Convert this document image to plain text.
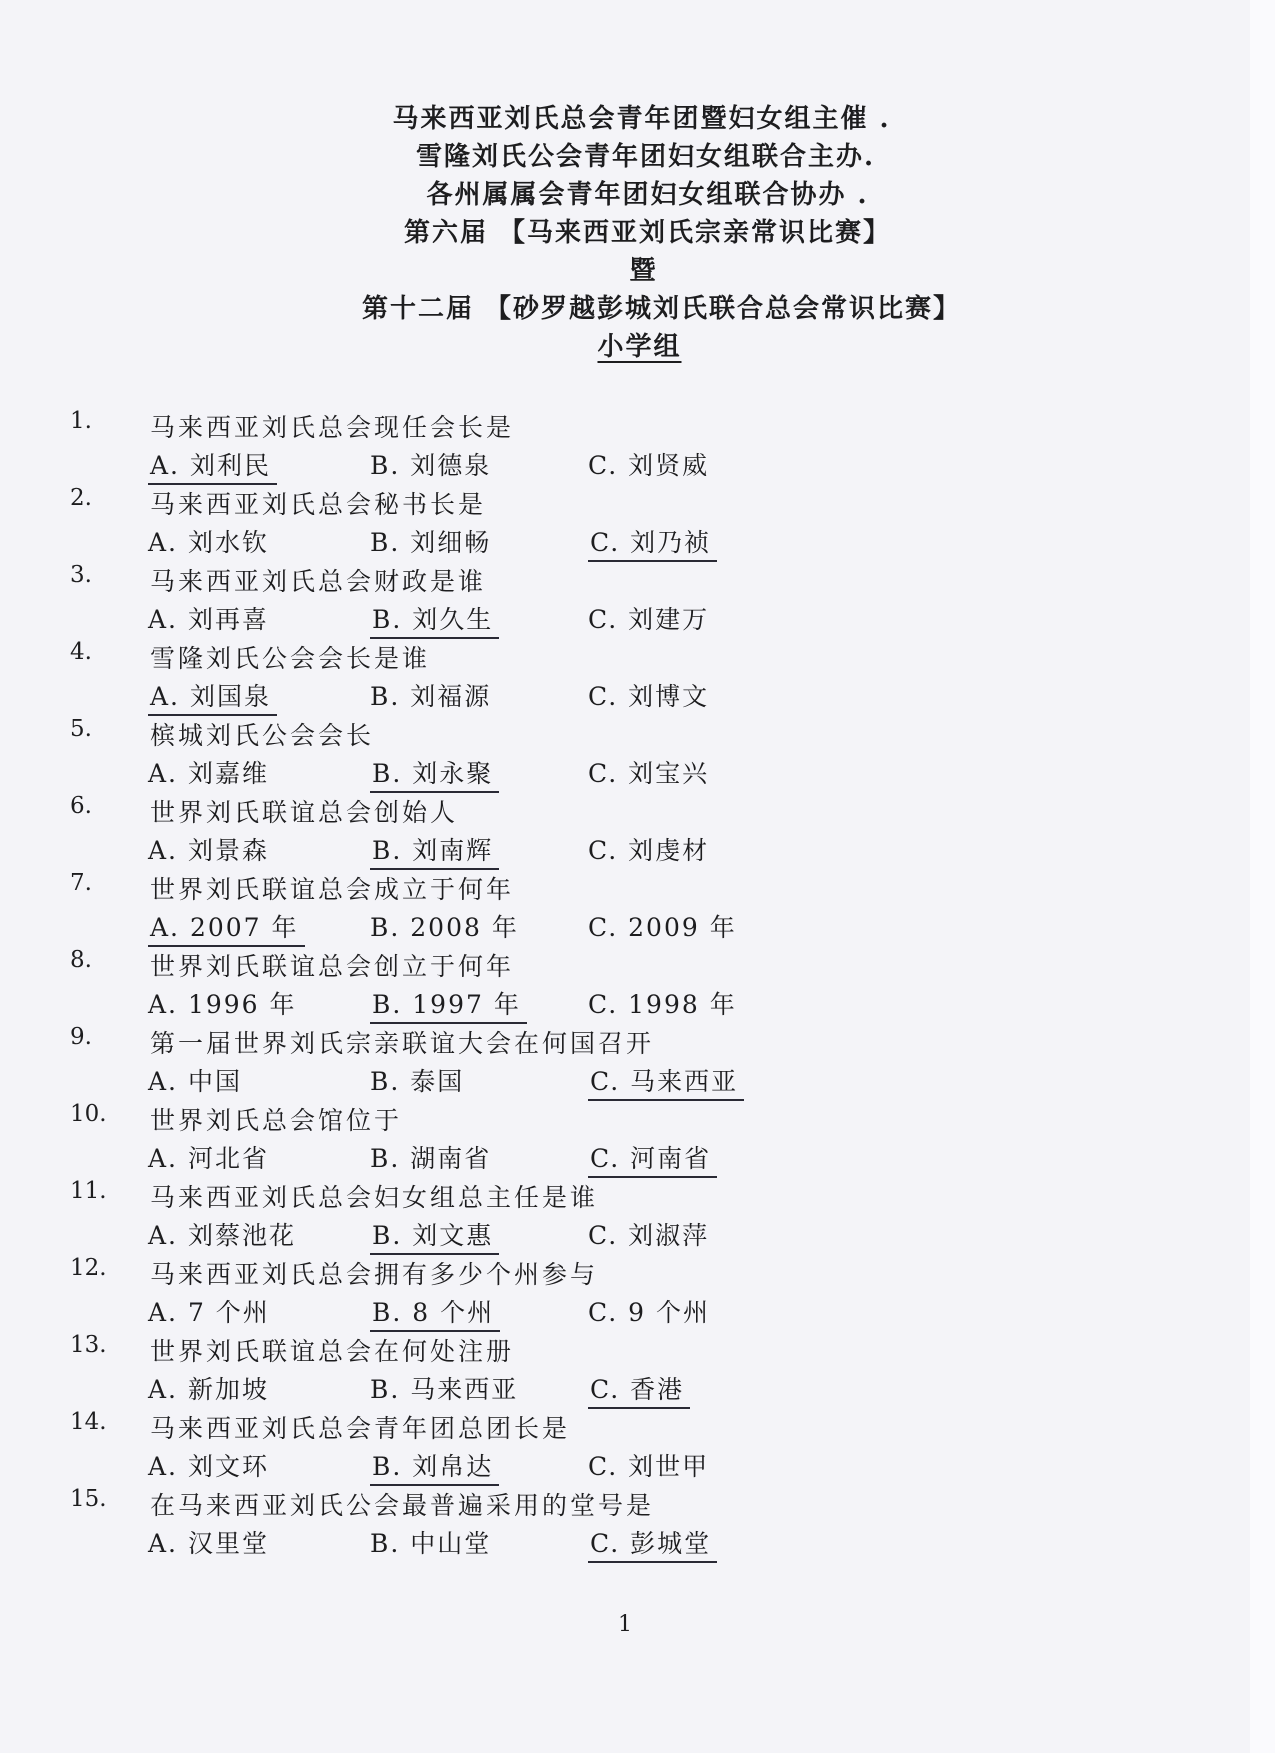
马来西亚刘氏总会青年团暨妇女组主催 .
雪隆刘氏公会青年团妇女组联合主办.
各州属属会青年团妇女组联合协办 .
第六届 【马来西亚刘氏宗亲常识比赛】
暨
第十二届 【砂罗越彭城刘氏联合总会常识比赛】
小学组
1.	马来西亚刘氏总会现任会长是
A. 刘利民	B. 刘德泉	C. 刘贤威
2.	马来西亚刘氏总会秘书长是
A. 刘水钦	B. 刘细畅	C. 刘乃祯
3.	马来西亚刘氏总会财政是谁
A. 刘再喜	B. 刘久生	C. 刘建万
4.	雪隆刘氏公会会长是谁
A. 刘国泉	B. 刘福源	C. 刘博文
5.	槟城刘氏公会会长
A. 刘嘉维	B. 刘永聚	C. 刘宝兴
6.	世界刘氏联谊总会创始人
A. 刘景森	B. 刘南辉	C. 刘虔材
7.	世界刘氏联谊总会成立于何年
A. 2007 年	B. 2008 年	C. 2009 年
8.	世界刘氏联谊总会创立于何年
A. 1996 年	B. 1997 年	C. 1998 年
9.	第一届世界刘氏宗亲联谊大会在何国召开
A. 中国	B. 泰国	C. 马来西亚
10. 世界刘氏总会馆位于
A. 河北省	B. 湖南省	C. 河南省
11. 马来西亚刘氏总会妇女组总主任是谁
A. 刘蔡池花	B. 刘文惠	C. 刘淑萍
12. 马来西亚刘氏总会拥有多少个州参与
A. 7 个州	B. 8 个州	C. 9 个州
13. 世界刘氏联谊总会在何处注册
A. 新加坡	B. 马来西亚	C. 香港
14. 马来西亚刘氏总会青年团总团长是
A. 刘文环	B. 刘帛达	C. 刘世甲
15. 在马来西亚刘氏公会最普遍采用的堂号是
A. 汉里堂	B. 中山堂	C. 彭城堂
1
